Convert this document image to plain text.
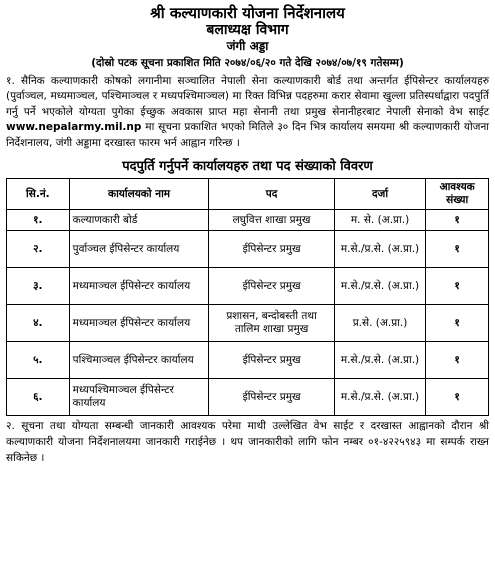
श्री कल्याणकारी योजना निर्देशनालय
बलाध्यक्ष विभाग
जंगी अड्डा
(दोस्रो पटक सूचना प्रकाशित मिति २०७४/०६/२० गते देखि २०७४/०७/१९ गतेसम्म)

१. सैनिक कल्याणकारी कोषको लगानीमा सञ्चालित नेपाली सेना कल्याणकारी बोर्ड तथा अन्तर्गत ईपिसेन्टर कार्यालयहरु (पुर्वाञ्चल, मध्यमाञ्चल, पश्चिमाञ्चल र मध्यपश्चिमाञ्चल) मा रिक्त विभिन्न पदहरुमा करार सेवामा खुल्ला प्रतिस्पर्धाद्वारा पदपुर्ति गर्नु पर्ने भएकोले योग्यता पुगेका ईच्छुक अवकास प्राप्त महा सेनानी तथा प्रमुख सेनानीहरबाट नेपाली सेनाको वेभ साईट www.nepalarmy.mil.np मा सूचना प्रकाशित भएको मितिले ३० दिन भित्र कार्यालय समयमा श्री कल्याणकारी योजना निर्देशनालय, जंगी अड्डामा दरखास्त फारम भर्न आह्वान गरिन्छ ।

पदपुर्ति गर्नुपर्ने कार्यालयहरु तथा पद संख्याको विवरण
सि.नं.	कार्यालयको नाम	पद	दर्जा	आवश्यक संख्या
१.	कल्याणकारी बोर्ड	लघुवित्त शाखा प्रमुख	म. से. (अ.प्रा.)	१
२.	पुर्वाञ्चल ईपिसेन्टर कार्यालय	ईपिसेन्टर प्रमुख	म.से./प्र.से. (अ.प्रा.)	१
३.	मध्यमाञ्चल ईपिसेन्टर कार्यालय	ईपिसेन्टर प्रमुख	म.से./प्र.से. (अ.प्रा.)	१
४.	मध्यमाञ्चल ईपिसेन्टर कार्यालय	प्रशासन, बन्दोबस्ती तथा तालिम शाखा प्रमुख	प्र.से. (अ.प्रा.)	१
५.	पश्चिमाञ्चल ईपिसेन्टर कार्यालय	ईपिसेन्टर प्रमुख	म.से./प्र.से. (अ.प्रा.)	१
६.	मध्यपश्चिमाञ्चल ईपिसेन्टर कार्यालय	ईपिसेन्टर प्रमुख	म.से./प्र.से. (अ.प्रा.)	१

२. सूचना तथा योग्यता सम्बन्धी जानकारी आवश्यक परेमा माथी उल्लेखित वेभ साईट र दरखास्त आह्वानको दौरान श्री कल्याणकारी योजना निर्देशनालयमा जानकारी गराईनेछ । थप जानकारीको लागि फोन नम्बर ०१-४२२५९४३ मा सम्पर्क राख्न सकिनेछ ।
